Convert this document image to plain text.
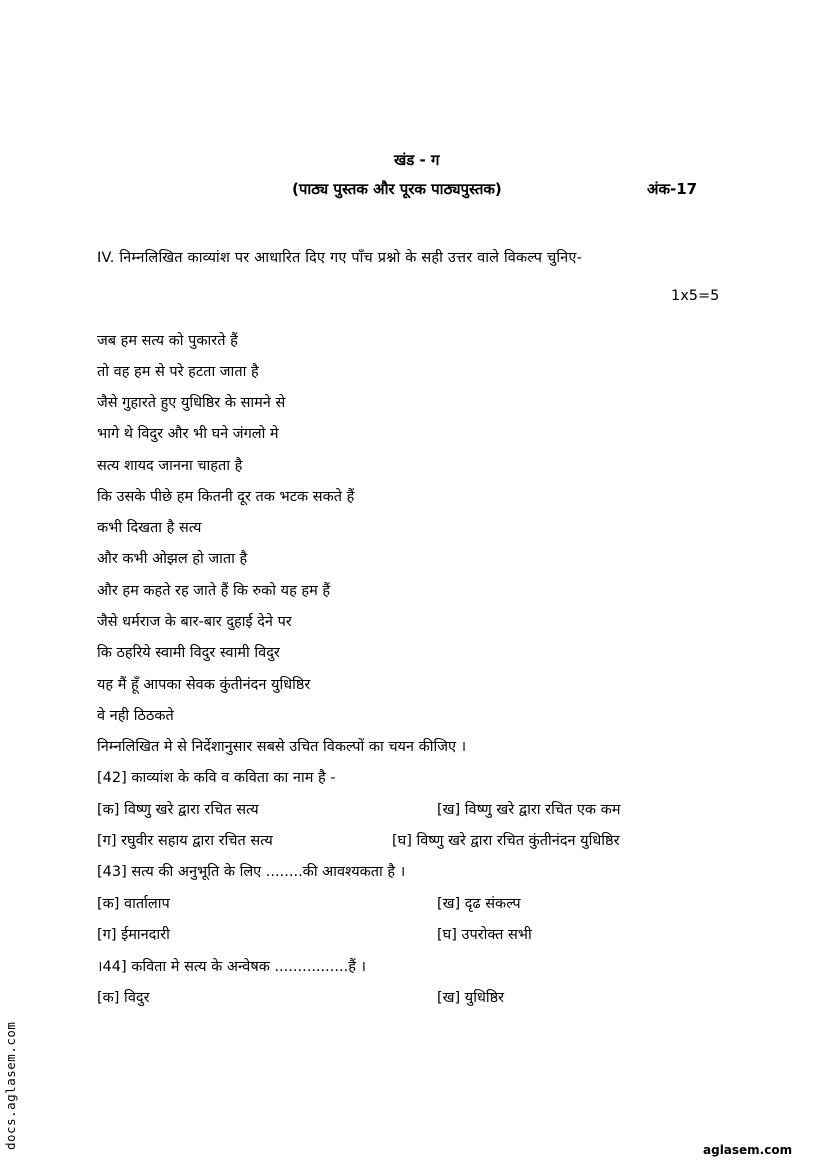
खंड - ग
(पाठ्य पुस्तक और पूरक पाठ्यपुस्तक)	अंक-17
IV. निम्नलिखित काव्यांश पर आधारित दिए गए पाँच प्रश्नो के सही उत्तर वाले विकल्प चुनिए-
1x5=5
जब हम सत्य को पुकारते हैं
तो वह हम से परे हटता जाता है
जैसे गुहारते हुए युधिष्ठिर के सामने से
भागे थे विदुर और भी घने जंगलो मे
सत्य शायद जानना चाहता है
कि उसके पीछे हम कितनी दूर तक भटक सकते हैं
कभी दिखता है सत्य
और कभी ओझल हो जाता है
और हम कहते रह जाते हैं कि रुको यह हम हैं
जैसे धर्मराज के बार-बार दुहाई देने पर
कि ठहरिये स्वामी विदुर स्वामी विदुर
यह मैं हूँ आपका सेवक कुंतीनंदन युधिष्ठिर
वे नही ठिठकते
निम्नलिखित मे से निर्देशानुसार सबसे उचित विकल्पों का चयन कीजिए ।
[42] काव्यांश के कवि व कविता का नाम है -
[क] विष्णु खरे द्वारा रचित सत्य	[ख] विष्णु खरे द्वारा रचित एक कम
[ग] रघुवीर सहाय द्वारा रचित सत्य	[घ] विष्णु खरे द्वारा रचित कुंतीनंदन युधिष्ठिर
[43] सत्य की अनुभूति के लिए ........की आवश्यकता है ।
[क] वार्तालाप	[ख] दृढ संकल्प
[ग] ईमानदारी	[घ] उपरोक्त सभी
।44] कविता मे सत्य के अन्वेषक ................हैं ।
[क] विदुर	[ख] युधिष्ठिर
docs.aglasem.com	aglasem.com
